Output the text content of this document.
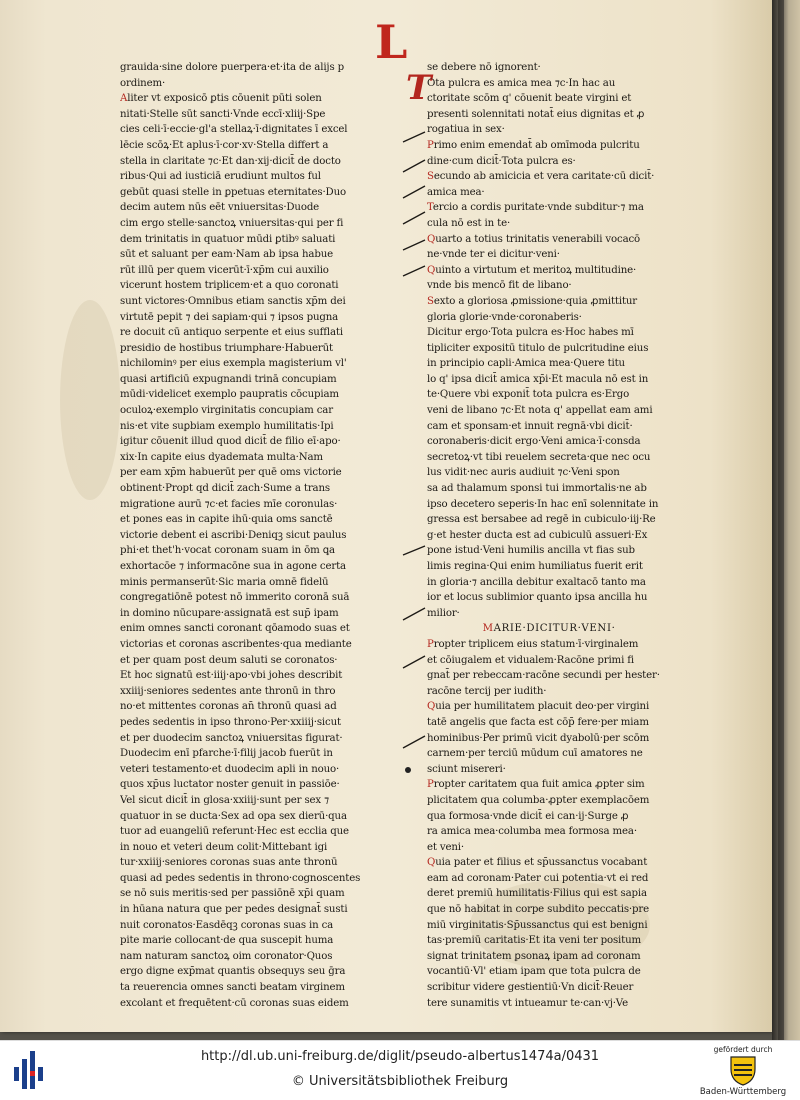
L
T
grauida·sine dolore puerpera·et·ita de alijs p
ordinem·
Aliter vt exposicō ꝑtis cōuenit pūti solen
nitati·Stelle sūt sancti·Vnde eccī·xliij·Spe
cies celi·ī·eccie·gl'a stellaꝝ·ī·dignitates ī excel
lēcie scōꝝ·Et aplus·ī·cor·xv·Stella differt a
stella in claritate ⁊c·Et dan·xij·dicit̄ de docto
ribus·Qui ad iusticiā erudiunt multos ful
gebūt quasi stelle in ꝑpetuas eternitates·Duo
decim autem nūs eēt vniuersitas·Duode
cim ergo stelle·sanctoꝝ vniuersitas·qui per fi
dem trinitatis in quatuor mūdi ꝑtibꝰ saluati
sūt et saluant per eam·Nam ab ipsa habue
rūt illū per quem vicerūt·ī·xp̄m cui auxilio
vicerunt hostem triplicem·et a quo coronati
sunt victores·Omnibus etiam sanctis xp̄m dei
virtutē pepit ⁊ dei sapiam·qui ⁊ ipsos pugna
re docuit cū antiquo serpente et eius sufflati
presidio de hostibus triumphare·Habuerūt
nichilominꝰ per eius exempla magisterium vl'
quasi artificiū expugnandi trinā concupiam
mūdi·videlicet exemplo paupratis cōcupiam
oculoꝝ·exemplo virginitatis concupiam car
nis·et vite suꝑbiam exemplo humilitatis·Ipi
igitur cōuenit illud quod dicit̄ de filio eī·apo·
xix·In capite eius dyademata multa·Nam
per eam xp̄m habuerūt per quē oms victorie
obtinent·Propt qd dicit̄ zach·Sume a trans
migratione aurū ⁊c·et facies mīe coronulas·
et pones eas in capite ihū·quia oms sanctē
victorie debent ei ascribi·Deniqꝫ sicut paulus
phi·et thet'h·vocat coronam suam in ōm ꝗa
exhortacōe ⁊ informacōne sua in agone certa
minis permanserūt·Sic maria omnē fidelū
congregatiōnē potest nō immerito coronā suā
in domino nūcupare·assignatā est sup̄ ipam
enim omnes sancti coronant qōamodo suas et
victorias et coronas ascribentes·qua mediante
et per quam post deum saluti se coronatos·
Et hoc signatū est·iiij·apo·vbi johes describit
xxiiij·seniores sedentes ante thronū in thro
no·et mittentes coronas an̄ thronū quasi ad
pedes sedentis in ipso throno·Per·xxiiij·sicut
et per duodecim sanctoꝝ vniuersitas figurat·
Duodecim enī pfarche·ī·filij jacob fuerūt in
veteri testamento·et duodecim apli in nouo·
quos xp̄us luctator noster genuit in passiōe·
Vel sicut dicit̄ in glosa·xxiiij·sunt per sex ⁊
quatuor in se ducta·Sex ad opa sex dierū·qua
tuor ad euangeliū referunt·Hec est ecclia que
in nouo et veteri deum colit·Mittebant igi
tur·xxiiij·seniores coronas suas ante thronū
quasi ad pedes sedentis in throno·cognoscentes
se nō suis meritis·sed per passiōnē xp̄i quam
in hūana natura que per pedes designat̄ susti
nuit coronatos·Easdēqꝫ coronas suas in ca
pite marie collocant·de qua suscepit huma
nam naturam sanctoꝝ oim coronator·Quos
ergo digne exp̄mat quantis obsequys seu ḡra
ta reuerencia omnes sancti beatam virginem
excolant et frequētent·cū coronas suas eidem
se debere nō ignorent·
Ota pulcra es amica mea ⁊c·In hac au
ctoritate scōm q' cōuenit beate virgini et
presenti solennitati notat̄ eius dignitas et ꝓ
rogatiua in sex·
Primo enim emendat̄ ab omīmoda pulcritu
dine·cum dicit̄·Tota pulcra es·
Secundo ab amicicia et vera caritate·cū dicit̄·
amica mea·
Tercio a cordis puritate·vnde subditur·⁊ ma
cula nō est in te·
Quarto a totius trinitatis venerabili vocacō
ne·vnde ter ei dicitur·veni·
Quinto a virtutum et meritoꝝ multitudine·
vnde bis mencō fit de libano·
Sexto a gloriosa ꝓmissione·quia ꝓmittitur
gloria glorie·vnde·coronaberis·
Dicitur ergo·Tota pulcra es·Hoc habes mī
tipliciter expositū titulo de pulcritudine eius
in principio capli·Amica mea·Quere titu
lo q' ipsa dicit̄ amica xp̄i·Et macula nō est in
te·Quere vbi exponit̄ tota pulcra es·Ergo
veni de libano ⁊c·Et nota q' appellat eam ami
cam et sponsam·et innuit regnā·vbi dicit̄·
coronaberis·dicit ergo·Veni amica·ī·consda
secretoꝝ·vt tibi reuelem secreta·que nec ocu
lus vidit·nec auris audiuit ⁊c·Veni spon
sa ad thalamum sponsi tui immortalis·ne ab
ipso decetero seperis·In hac enī solennitate in
gressa est bersabee ad regē in cubiculo·iij·Re
g·et hester ducta est ad cubiculū assueri·Ex
pone istud·Veni humilis ancilla vt fias sub
limis regina·Qui enim humiliatus fuerit erit
in gloria·⁊ ancilla debitur exaltacō tanto ma
ior et locus sublimior quanto ipsa ancilla hu
milior·
MARIE·DICITUR·VENI·
Propter triplicem eius statum·ī·virginalem
et cōiugalem et vidualem·Racōne primi fi
gnat̄ per rebeccam·racōne secundi per hester·
racōne tercij per iudith·
Quia per humilitatem placuit deo·per virgini
tatē angelis que facta est cōp̄ fere·per miam
hominibus·Per primū vicit dyabolū·per scōm
carnem·per terciū mūdum cuī amatores ne
sciunt misereri·
Propter caritatem qua fuit amica ꝓpter sim
plicitatem qua columba·ꝓpter exemplacōem
qua formosa·vnde dicit̄ ei can·ij·Surge ꝓ
ra amica mea·columba mea formosa mea·
et veni·
Quia pater et filius et sp̄ussanctus vocabant
eam ad coronam·Pater cui potentia·vt ei red
deret premiū humilitatis·Filius qui est sapia
que nō habitat in corpe subdito peccatis·pre
miū virginitatis·Sp̄ussanctus qui est benigni
tas·premiū caritatis·Et ita veni ter positum
signat trinitatem ꝑsonaꝝ ipam ad coronam
vocantiū·Vl' etiam ipam que tota pulcra de
scribitur videre gestientiū·Vn dicit̄·Reuer
tere sunamitis vt intueamur te·can·vj·Ve
http://dl.ub.uni-freiburg.de/diglit/pseudo-albertus1474a/0431
© Universitätsbibliothek Freiburg
gefördert durch
Baden-Württemberg
